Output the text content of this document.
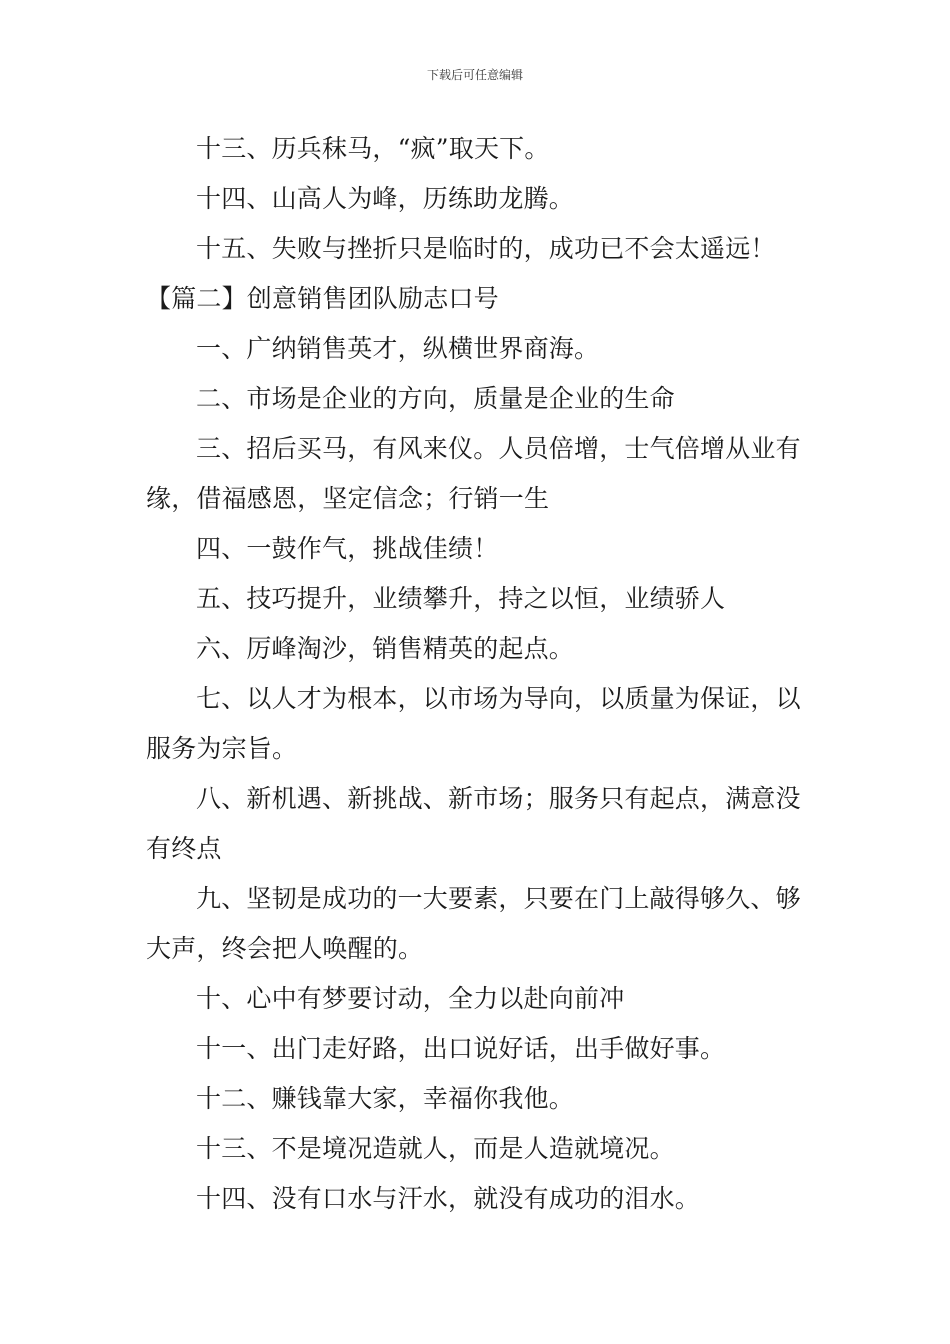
下载后可任意编辑

十三、历兵秣马，“疯”取天下。

十四、山高人为峰，历练助龙腾。

十五、失败与挫折只是临时的，成功已不会太遥远！

【篇二】创意销售团队励志口号

一、广纳销售英才，纵横世界商海。

二、市场是企业的方向，质量是企业的生命

三、招后买马，有风来仪。人员倍增，士气倍增从业有缘，借福感恩，坚定信念；行销一生

四、一鼓作气，挑战佳绩！

五、技巧提升，业绩攀升，持之以恒，业绩骄人

六、厉峰淘沙，销售精英的起点。

七、以人才为根本，以市场为导向，以质量为保证，以服务为宗旨。

八、新机遇、新挑战、新市场；服务只有起点，满意没有终点

九、坚韧是成功的一大要素，只要在门上敲得够久、够大声，终会把人唤醒的。

十、心中有梦要讨动，全力以赴向前冲

十一、出门走好路，出口说好话，出手做好事。

十二、赚钱靠大家，幸福你我他。

十三、不是境况造就人，而是人造就境况。

十四、没有口水与汗水，就没有成功的泪水。
